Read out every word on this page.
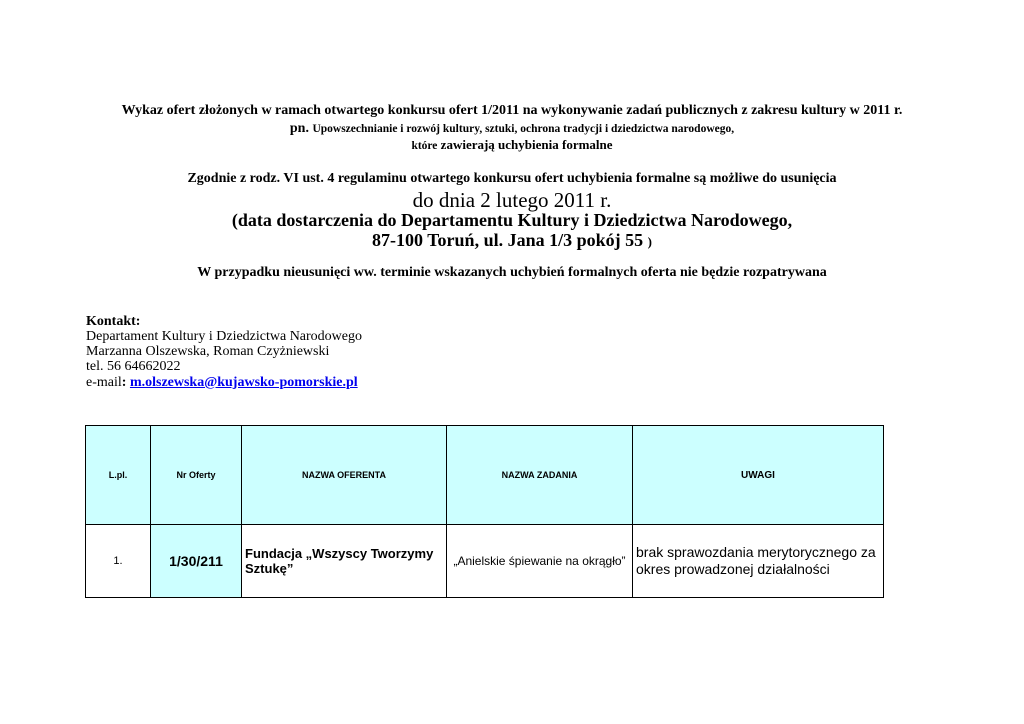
Wykaz ofert złożonych w ramach otwartego konkursu ofert 1/2011 na wykonywanie zadań publicznych z zakresu kultury w 2011 r.
pn. Upowszechnianie i rozwój kultury, sztuki, ochrona tradycji i dziedzictwa narodowego,
które zawierają uchybienia formalne
Zgodnie z rodz. VI ust. 4 regulaminu otwartego konkursu ofert uchybienia formalne są możliwe do usunięcia
do dnia 2 lutego 2011 r.
(data dostarczenia do Departamentu Kultury i Dziedzictwa Narodowego,
87-100 Toruń, ul. Jana 1/3 pokój 55 )
W przypadku nieusunięci ww. terminie wskazanych uchybień formalnych oferta nie będzie rozpatrywana
Kontakt:
Departament Kultury i Dziedzictwa Narodowego
Marzanna Olszewska, Roman Czyżniewski
tel. 56 64662022
e-mail: m.olszewska@kujawsko-pomorskie.pl
L.pl.	Nr Oferty	NAZWA OFERENTA	NAZWA ZADANIA	UWAGI
1.	1/30/211	Fundacja „Wszyscy Tworzymy Sztukę”	„Anielskie śpiewanie na okrągło”	brak sprawozdania merytorycznego za okres prowadzonej działalności
